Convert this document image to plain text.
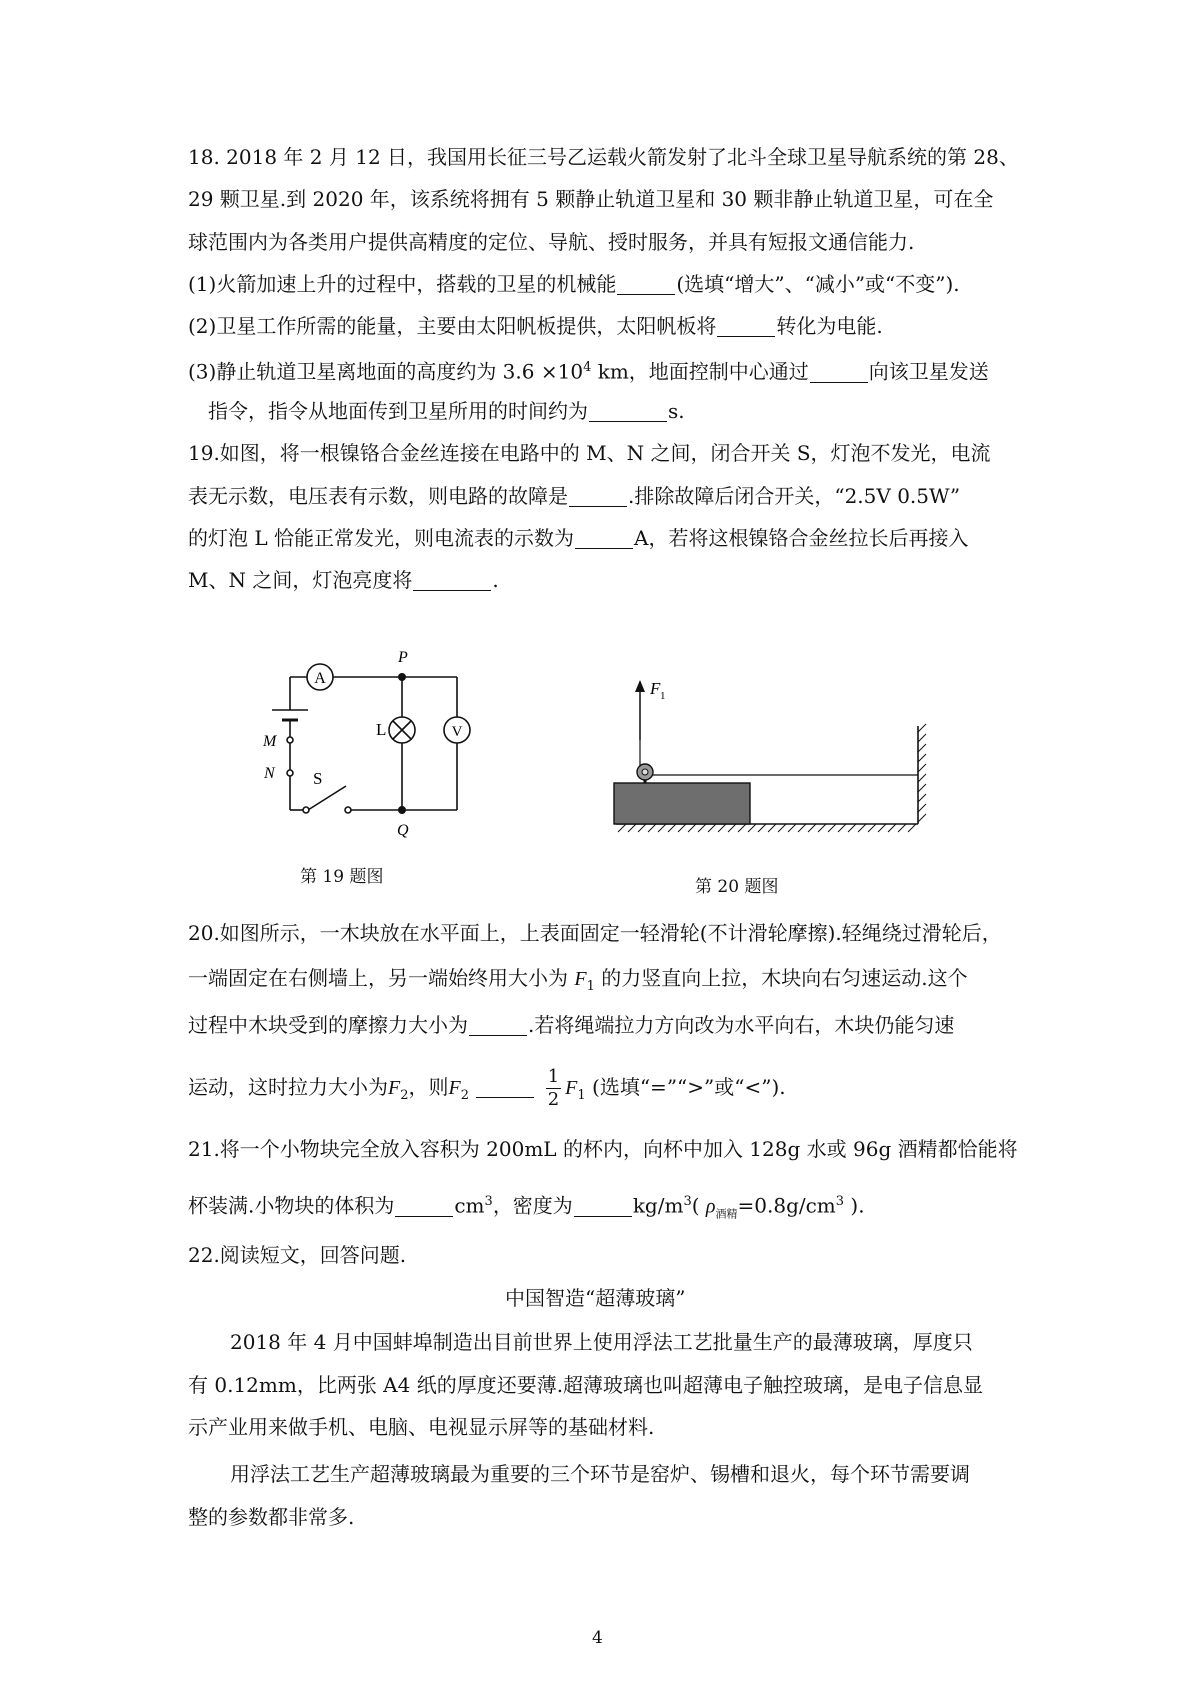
18. 2018 年 2 月 12 日，我国用长征三号乙运载火箭发射了北斗全球卫星导航系统的第 28、
29 颗卫星.到 2020 年，该系统将拥有 5 颗静止轨道卫星和 30 颗非静止轨道卫星，可在全
球范围内为各类用户提供高精度的定位、导航、授时服务，并具有短报文通信能力.
(1)火箭加速上升的过程中，搭载的卫星的机械能	(选填“增大”、“减小”或“不变”).
(2)卫星工作所需的能量，主要由太阳帆板提供，太阳帆板将	转化为电能.
(3)静止轨道卫星离地面的高度约为 $3.6 \times 10^4$ km，地面控制中心通过	向该卫星发送
指令，指令从地面传到卫星所用的时间约为	s.
19.如图，将一根镍铬合金丝连接在电路中的 M、N 之间，闭合开关 S，灯泡不发光，电流
表无示数，电压表有示数，则电路的故障是	.排除故障后闭合开关，“2.5V 0.5W”
的灯泡 L 恰能正常发光，则电流表的示数为	A，若将这根镍铬合金丝拉长后再接入
M、N 之间，灯泡亮度将	.
A
V
L
P
Q
M
N S
第 19 题图
F 1
第 20 题图
20.如图所示，一木块放在水平面上，上表面固定一轻滑轮(不计滑轮摩擦).轻绳绕过滑轮后，
一端固定在右侧墙上，另一端始终用大小为 $F_1$ 的力竖直向上拉，木块向右匀速运动.这个
过程中木块受到的摩擦力大小为	.若将绳端拉力方向改为水平向右，木块仍能匀速
运动，这时拉力大小为$F_2$，则$F_2$	$\frac{1}{2} F_1$ (选填“=”“>”或“<”).
21.将一个小物块完全放入容积为 200mL 的杯内，向杯中加入 128g 水或 96g 酒精都恰能将
杯装满.小物块的体积为	$cm^3$，密度为	$kg/m^3$( $\rho_{酒精}=0.8g/cm^3$ ).
22.阅读短文，回答问题.
中国智造“超薄玻璃”
2018 年 4 月中国蚌埠制造出目前世界上使用浮法工艺批量生产的最薄玻璃，厚度只
有 0.12mm，比两张 A4 纸的厚度还要薄.超薄玻璃也叫超薄电子触控玻璃，是电子信息显
示产业用来做手机、电脑、电视显示屏等的基础材料.
用浮法工艺生产超薄玻璃最为重要的三个环节是窑炉、锡槽和退火，每个环节需要调
整的参数都非常多.
4
